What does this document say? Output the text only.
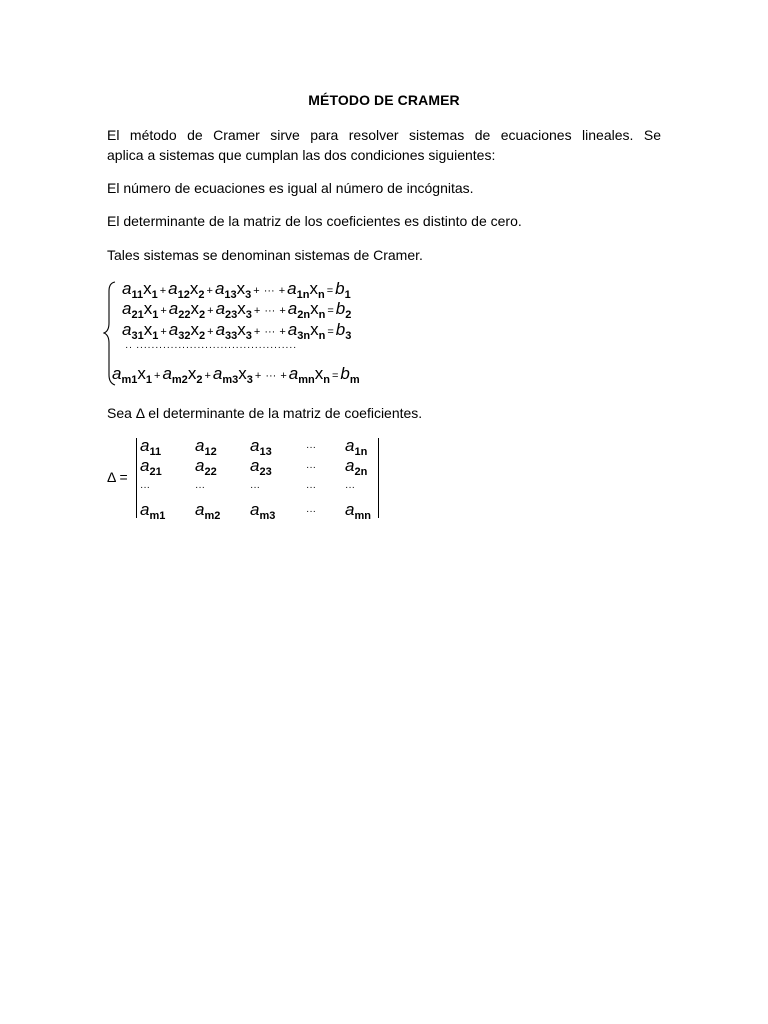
MÉTODO DE CRAMER

El método de Cramer sirve para resolver sistemas de ecuaciones lineales. Se
aplica a sistemas que cumplan las dos condiciones siguientes:

El número de ecuaciones es igual al número de incógnitas.

El determinante de la matriz de los coeficientes es distinto de cero.

Tales sistemas se denominan sistemas de Cramer.

·· ··········································
$a_{11}x_1 + a_{12}x_2 + a_{13}x_3$ + ··· + $a_{1n}x_n = b_1$
$a_{21}x_1 + a_{22}x_2 + a_{23}x_3$ + ··· + $a_{2n}x_n = b_2$
$a_{31}x_1 + a_{32}x_2 + a_{33}x_3$ + ··· + $a_{3n}x_n = b_3$
$a_{m1}x_1 + a_{m2}x_2 + a_{m3}x_3$ + ··· + $a_{mn}x_n = b_m$
Sea Δ el determinante de la matriz de coeficientes.
Δ =
$a_{11}$ $a_{12}$ $a_{13}$	··· $a_{1n}$
$a_{21}$ $a_{22}$ $a_{23}$	··· $a_{2n}$
···	···	···	···	···
$a_{m1}$ $a_{m2}$ $a_{m3}$	··· $a_{mn}$
